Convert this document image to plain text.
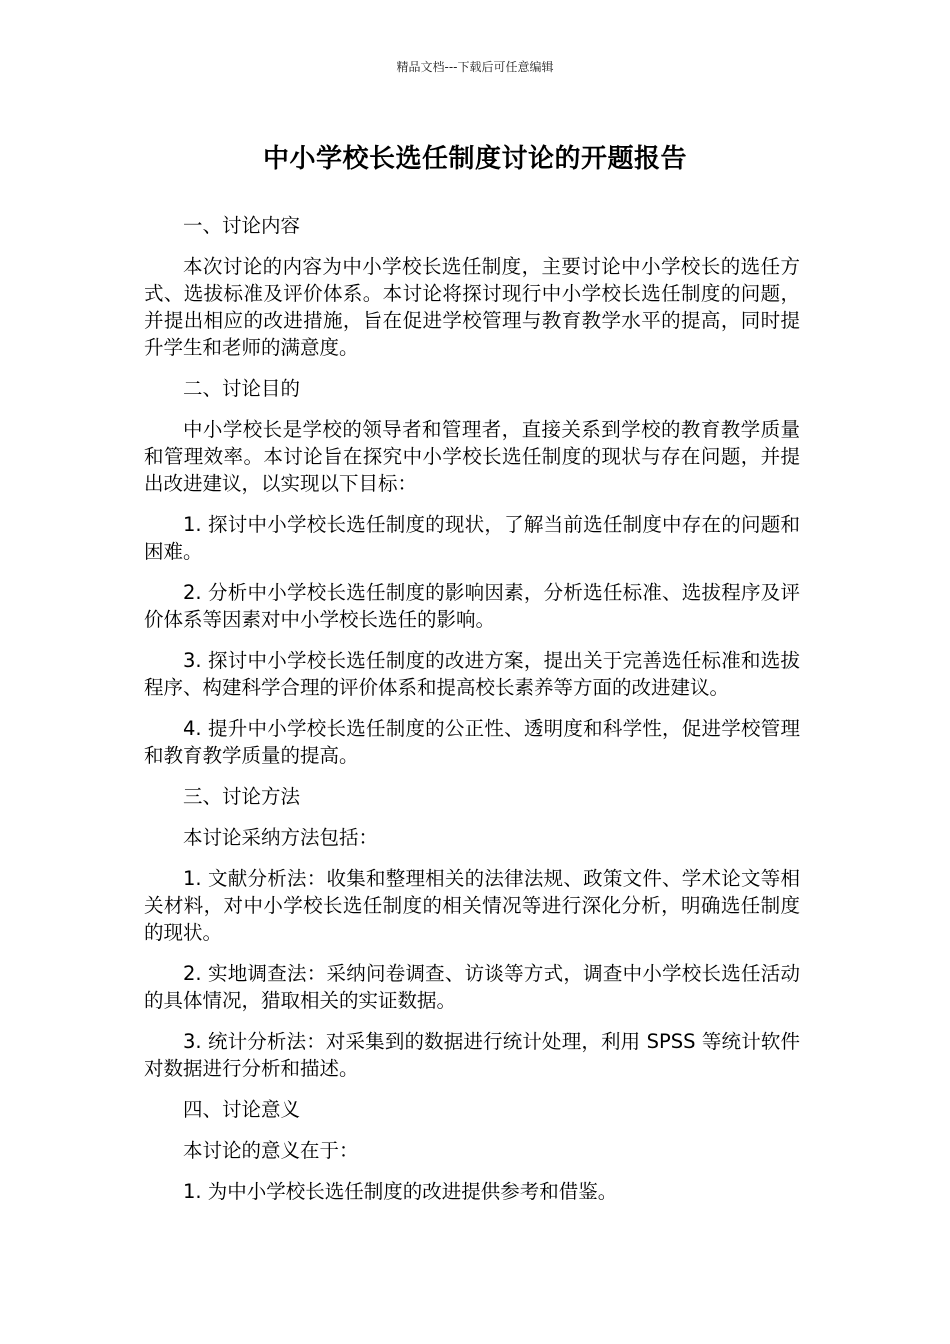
精品文档---下载后可任意编辑
中小学校长选任制度讨论的开题报告

一、讨论内容

本次讨论的内容为中小学校长选任制度，主要讨论中小学校长的选任方式、选拔标准及评价体系。本讨论将探讨现行中小学校长选任制度的问题，并提出相应的改进措施，旨在促进学校管理与教育教学水平的提高，同时提升学生和老师的满意度。

二、讨论目的

中小学校长是学校的领导者和管理者，直接关系到学校的教育教学质量和管理效率。本讨论旨在探究中小学校长选任制度的现状与存在问题，并提出改进建议，以实现以下目标：

1. 探讨中小学校长选任制度的现状，了解当前选任制度中存在的问题和困难。

2. 分析中小学校长选任制度的影响因素，分析选任标准、选拔程序及评价体系等因素对中小学校长选任的影响。

3. 探讨中小学校长选任制度的改进方案，提出关于完善选任标准和选拔程序、构建科学合理的评价体系和提高校长素养等方面的改进建议。

4. 提升中小学校长选任制度的公正性、透明度和科学性，促进学校管理和教育教学质量的提高。

三、讨论方法

本讨论采纳方法包括：

1. 文献分析法：收集和整理相关的法律法规、政策文件、学术论文等相关材料，对中小学校长选任制度的相关情况等进行深化分析，明确选任制度的现状。

2. 实地调查法：采纳问卷调查、访谈等方式，调查中小学校长选任活动的具体情况，猎取相关的实证数据。

3. 统计分析法：对采集到的数据进行统计处理，利用 SPSS 等统计软件对数据进行分析和描述。

四、讨论意义

本讨论的意义在于：

1. 为中小学校长选任制度的改进提供参考和借鉴。
